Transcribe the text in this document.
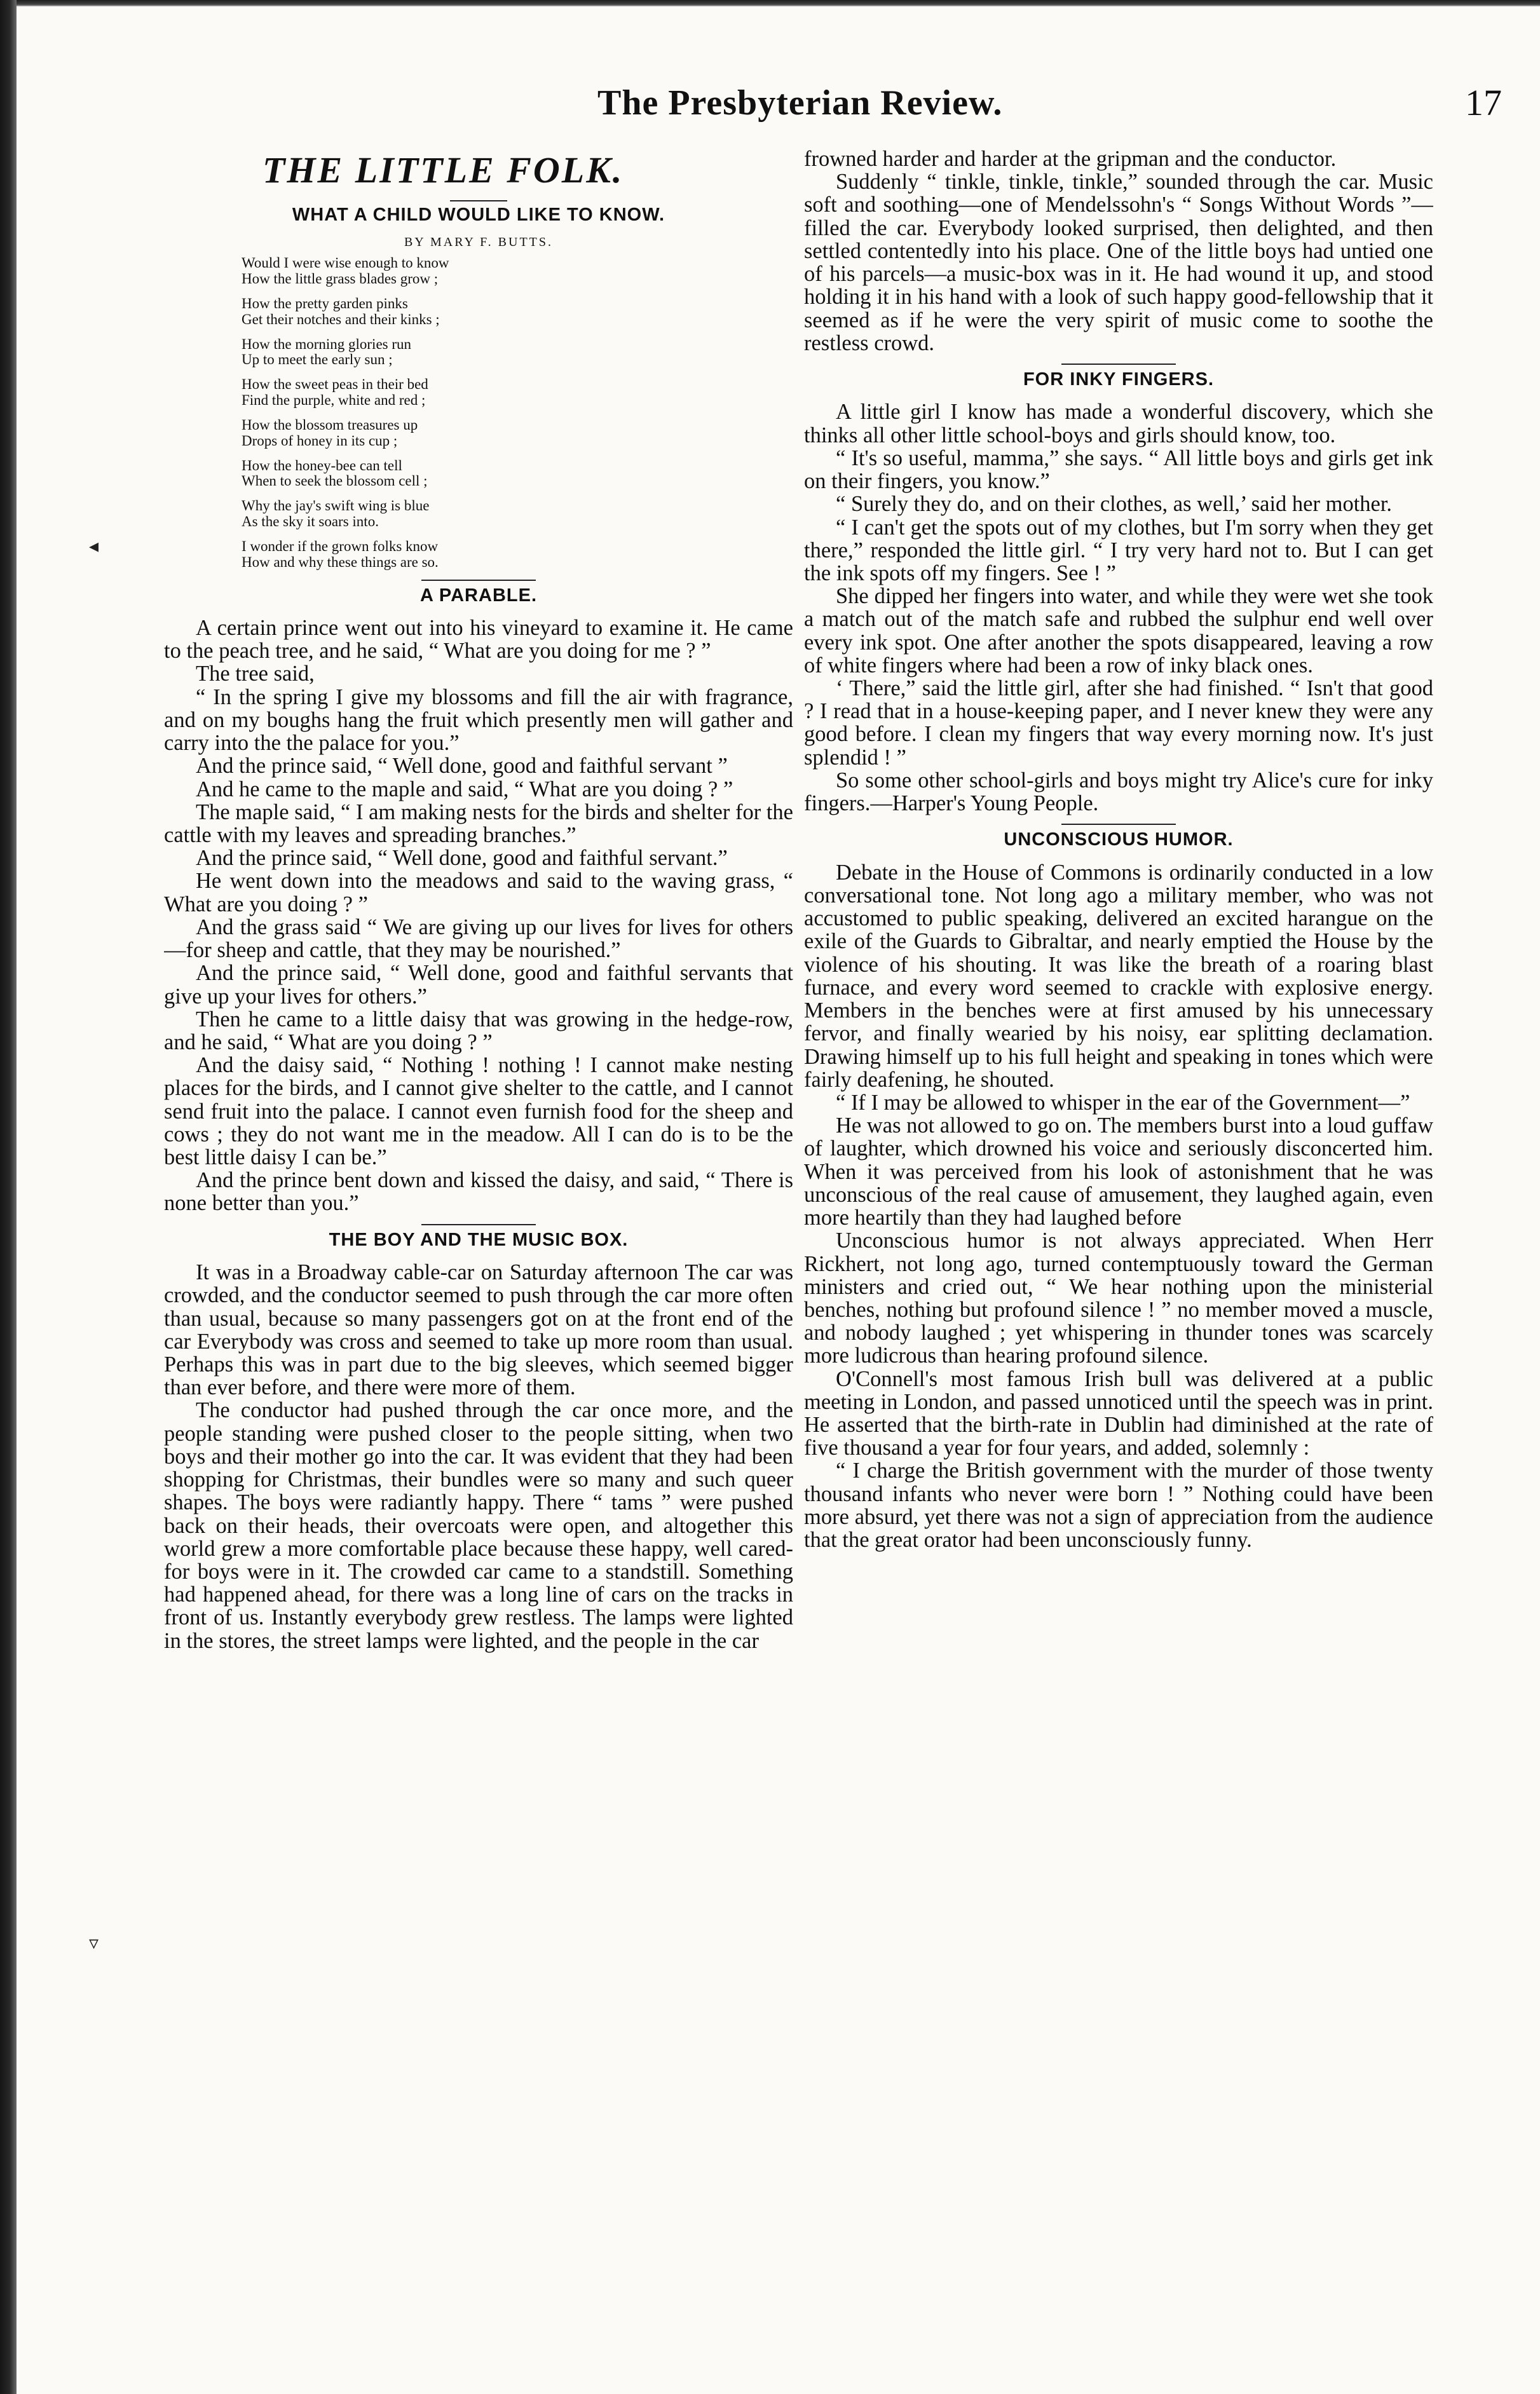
◂
▿
The Presbyterian Review.	17
THE LITTLE FOLK.
WHAT A CHILD WOULD LIKE TO KNOW.
BY MARY F. BUTTS.
Would I were wise enough to know
How the little grass blades grow ;
How the pretty garden pinks
Get their notches and their kinks ;
How the morning glories run
Up to meet the early sun ;
How the sweet peas in their bed
Find the purple, white and red ;
How the blossom treasures up
Drops of honey in its cup ;
How the honey-bee can tell
When to seek the blossom cell ;
Why the jay's swift wing is blue
As the sky it soars into.
I wonder if the grown folks know
How and why these things are so.
A PARABLE.

A certain prince went out into his vineyard to examine it. He came to the peach tree, and he said, “ What are you doing for me ? ”

The tree said,

“ In the spring I give my blossoms and fill the air with fragrance, and on my boughs hang the fruit which presently men will gather and carry into the the palace for you.”

And the prince said, “ Well done, good and faithful servant ”

And he came to the maple and said, “ What are you doing ? ”

The maple said, “ I am making nests for the birds and shelter for the cattle with my leaves and spreading branches.”

And the prince said, “ Well done, good and faithful servant.”

He went down into the meadows and said to the waving grass, “ What are you doing ? ”

And the grass said “ We are giving up our lives for lives for others—for sheep and cattle, that they may be nourished.”

And the prince said, “ Well done, good and faithful servants that give up your lives for others.”

Then he came to a little daisy that was growing in the hedge-row, and he said, “ What are you doing ? ”

And the daisy said, “ Nothing ! nothing ! I cannot make nesting places for the birds, and I cannot give shelter to the cattle, and I cannot send fruit into the palace. I cannot even furnish food for the sheep and cows ; they do not want me in the meadow. All I can do is to be the best little daisy I can be.”

And the prince bent down and kissed the daisy, and said, “ There is none better than you.”

THE BOY AND THE MUSIC BOX.

It was in a Broadway cable-car on Saturday afternoon The car was crowded, and the conductor seemed to push through the car more often than usual, because so many passengers got on at the front end of the car Everybody was cross and seemed to take up more room than usual. Perhaps this was in part due to the big sleeves, which seemed bigger than ever before, and there were more of them.

The conductor had pushed through the car once more, and the people standing were pushed closer to the people sitting, when two boys and their mother go into the car. It was evident that they had been shopping for Christmas, their bundles were so many and such queer shapes. The boys were radiantly happy. There “ tams ” were pushed back on their heads, their overcoats were open, and altogether this world grew a more comfortable place because these happy, well cared-for boys were in it. The crowded car came to a standstill. Something had happened ahead, for there was a long line of cars on the tracks in front of us. Instantly everybody grew restless. The lamps were lighted in the stores, the street lamps were lighted, and the people in the car

frowned harder and harder at the gripman and the conductor.

Suddenly “ tinkle, tinkle, tinkle,” sounded through the car. Music soft and soothing—one of Mendelssohn's “ Songs Without Words ”—filled the car. Everybody looked surprised, then delighted, and then settled contentedly into his place. One of the little boys had untied one of his parcels—a music-box was in it. He had wound it up, and stood holding it in his hand with a look of such happy good-fellowship that it seemed as if he were the very spirit of music come to soothe the restless crowd.

FOR INKY FINGERS.

A little girl I know has made a wonderful discovery, which she thinks all other little school-boys and girls should know, too.

“ It's so useful, mamma,” she says. “ All little boys and girls get ink on their fingers, you know.”

“ Surely they do, and on their clothes, as well,’ said her mother.

“ I can't get the spots out of my clothes, but I'm sorry when they get there,” responded the little girl. “ I try very hard not to. But I can get the ink spots off my fingers. See ! ”

She dipped her fingers into water, and while they were wet she took a match out of the match safe and rubbed the sulphur end well over every ink spot. One after another the spots disappeared, leaving a row of white fingers where had been a row of inky black ones.

‘ There,” said the little girl, after she had finished. “ Isn't that good ? I read that in a house-keeping paper, and I never knew they were any good before. I clean my fingers that way every morning now. It's just splendid ! ”

So some other school-girls and boys might try Alice's cure for inky fingers.—Harper's Young People.

UNCONSCIOUS HUMOR.

Debate in the House of Commons is ordinarily conducted in a low conversational tone. Not long ago a military member, who was not accustomed to public speaking, delivered an excited harangue on the exile of the Guards to Gibraltar, and nearly emptied the House by the violence of his shouting. It was like the breath of a roaring blast furnace, and every word seemed to crackle with explosive energy. Members in the benches were at first amused by his unnecessary fervor, and finally wearied by his noisy, ear splitting declamation. Drawing himself up to his full height and speaking in tones which were fairly deafening, he shouted.

“ If I may be allowed to whisper in the ear of the Government—”

He was not allowed to go on. The members burst into a loud guffaw of laughter, which drowned his voice and seriously disconcerted him. When it was perceived from his look of astonishment that he was unconscious of the real cause of amusement, they laughed again, even more heartily than they had laughed before

Unconscious humor is not always appreciated. When Herr Rickhert, not long ago, turned contemptuously toward the German ministers and cried out, “ We hear nothing upon the ministerial benches, nothing but profound silence ! ” no member moved a muscle, and nobody laughed ; yet whispering in thunder tones was scarcely more ludicrous than hearing profound silence.

O'Connell's most famous Irish bull was delivered at a public meeting in London, and passed unnoticed until the speech was in print. He asserted that the birth-rate in Dublin had diminished at the rate of five thousand a year for four years, and added, solemnly :

“ I charge the British government with the murder of those twenty thousand infants who never were born ! ” Nothing could have been more absurd, yet there was not a sign of appreciation from the audience that the great orator had been unconsciously funny.
